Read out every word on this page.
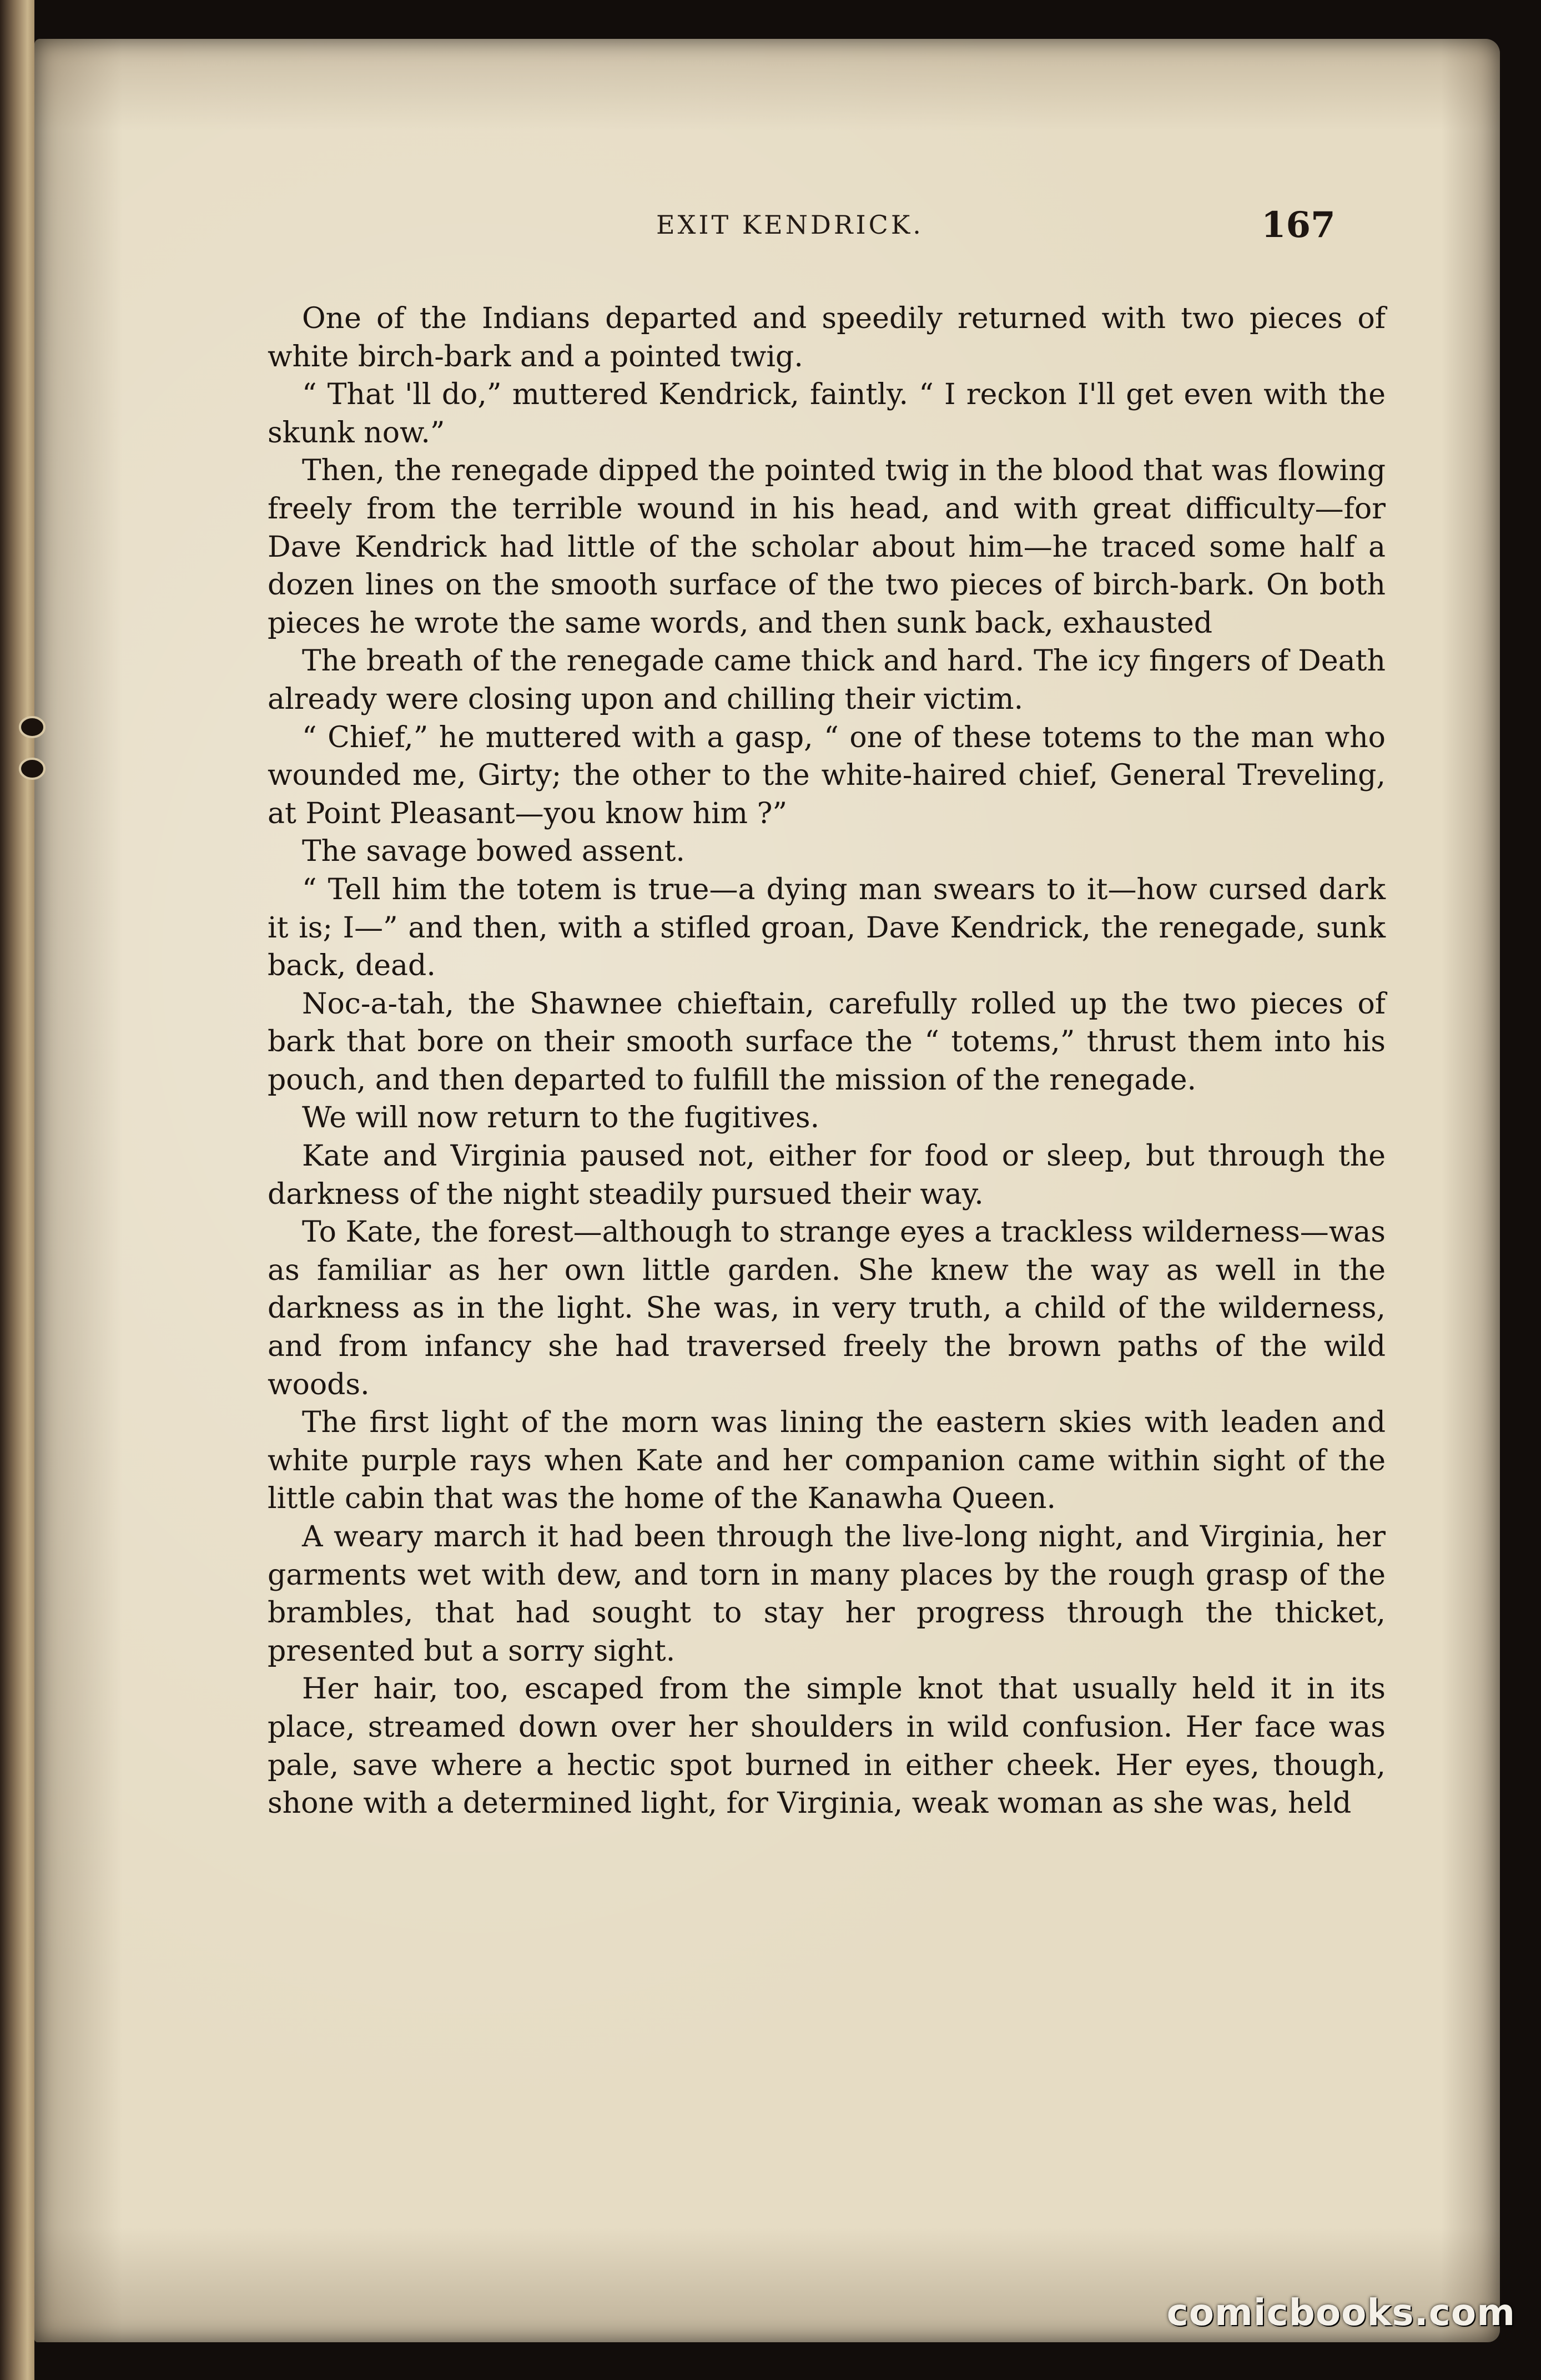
EXIT KENDRICK.	167

One of the Indians departed and speedily returned with two pieces of white birch-bark and a pointed twig.

“ That 'll do,” muttered Kendrick, faintly. “ I reckon I'll get even with the skunk now.”

Then, the renegade dipped the pointed twig in the blood that was flowing freely from the terrible wound in his head, and with great difficulty—for Dave Kendrick had little of the scholar about him—he traced some half a dozen lines on the smooth surface of the two pieces of birch-bark. On both pieces he wrote the same words, and then sunk back, exhausted

The breath of the renegade came thick and hard. The icy fingers of Death already were closing upon and chilling their victim.

“ Chief,” he muttered with a gasp, “ one of these totems to the man who wounded me, Girty; the other to the white-haired chief, General Treveling, at Point Pleasant—you know him ?”

The savage bowed assent.

“ Tell him the totem is true—a dying man swears to it—how cursed dark it is; I—” and then, with a stifled groan, Dave Kendrick, the renegade, sunk back, dead.

Noc-a-tah, the Shawnee chieftain, carefully rolled up the two pieces of bark that bore on their smooth surface the “ totems,” thrust them into his pouch, and then departed to fulfill the mission of the renegade.

We will now return to the fugitives.

Kate and Virginia paused not, either for food or sleep, but through the darkness of the night steadily pursued their way.

To Kate, the forest—although to strange eyes a trackless wilderness—was as familiar as her own little garden. She knew the way as well in the darkness as in the light. She was, in very truth, a child of the wilderness, and from infancy she had traversed freely the brown paths of the wild woods.

The first light of the morn was lining the eastern skies with leaden and white purple rays when Kate and her companion came within sight of the little cabin that was the home of the Kanawha Queen.

A weary march it had been through the live-long night, and Virginia, her garments wet with dew, and torn in many places by the rough grasp of the brambles, that had sought to stay her progress through the thicket, presented but a sorry sight.

Her hair, too, escaped from the simple knot that usually held it in its place, streamed down over her shoulders in wild confusion. Her face was pale, save where a hectic spot burned in either cheek. Her eyes, though, shone with a determined light, for Virginia, weak woman as she was, held

comicbooks.com
